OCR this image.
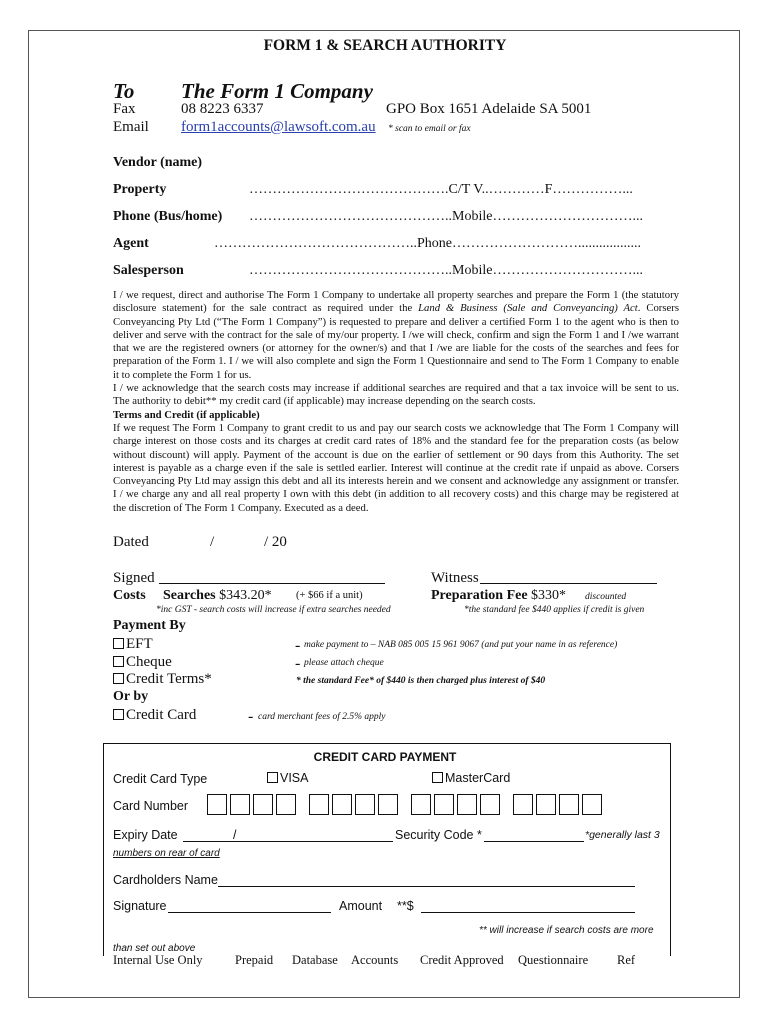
FORM 1 & SEARCH AUTHORITY
To The Form 1 Company
Fax	08 8223 6337	GPO Box 1651 Adelaide SA 5001
Email form1accounts@lawsoft.com.au * scan to email or fax
Vendor (name)
Property	…………………………………….C/T V..…………F……………...
Phone (Bus/home) ……………………………………..Mobile…………………………...
Agent	……………………………………..Phone………………………..................
Salesperson	……………………………………..Mobile…………………………...

I / we request, direct and authorise The Form 1 Company to undertake all property searches and prepare the Form 1 (the statutory disclosure statement) for the sale contract as required under the Land & Business (Sale and Conveyancing) Act. Corsers Conveyancing Pty Ltd (“The Form 1 Company”) is requested to prepare and deliver a certified Form 1 to the agent who is then to deliver and serve with the contract for the sale of my/our property. I /we will check, confirm and sign the Form 1 and I /we warrant that we are the registered owners (or attorney for the owner/s) and that I /we are liable for the costs of the searches and fees for preparation of the Form 1. I / we will also complete and sign the Form 1 Questionnaire and send to The Form 1 Company to enable it to complete the Form 1 for us.

I / we acknowledge that the search costs may increase if additional searches are required and that a tax invoice will be sent to us. The authority to debit** my credit card (if applicable) may increase depending on the search costs.

Terms and Credit (if applicable)

If we request The Form 1 Company to grant credit to us and pay our search costs we acknowledge that The Form 1 Company will charge interest on those costs and its charges at credit card rates of 18% and the standard fee for the preparation costs (as below without discount) will apply. Payment of the account is due on the earlier of settlement or 90 days from this Authority. The set interest is payable as a charge even if the sale is settled earlier. Interest will continue at the credit rate if unpaid as above. Corsers Conveyancing Pty Ltd may assign this debt and all its interests herein and we consent and acknowledge any assignment or transfer. I / we charge any and all real property I own with this debt (in addition to all recovery costs) and this charge may be registered at the discretion of The Form 1 Company. Executed as a deed.

Dated	/	/ 20
Signed	Witness
Costs Searches $343.20* (+ $66 if a unit)	Preparation Fee $330* discounted
*inc GST - search costs will increase if extra searches needed	*the standard fee $440 applies if credit is given
Payment By
EFT	- make payment to – NAB 085 005 15 961 9067 (and put your name in as reference)
Cheque	- please attach cheque
Credit Terms*	* the standard Fee* of $440 is then charged plus interest of $40
Or by
Credit Card	- card merchant fees of 2.5% apply
CREDIT CARD PAYMENT
Credit Card Type	VISA	MasterCard
Card Number
Expiry Date	/	Security Code *	*generally last 3
numbers on rear of card
Cardholders Name
Signature	Amount **$
** will increase if search costs are more
than set out above
Internal Use Only	Prepaid Database Accounts Credit Approved Questionnaire Ref
